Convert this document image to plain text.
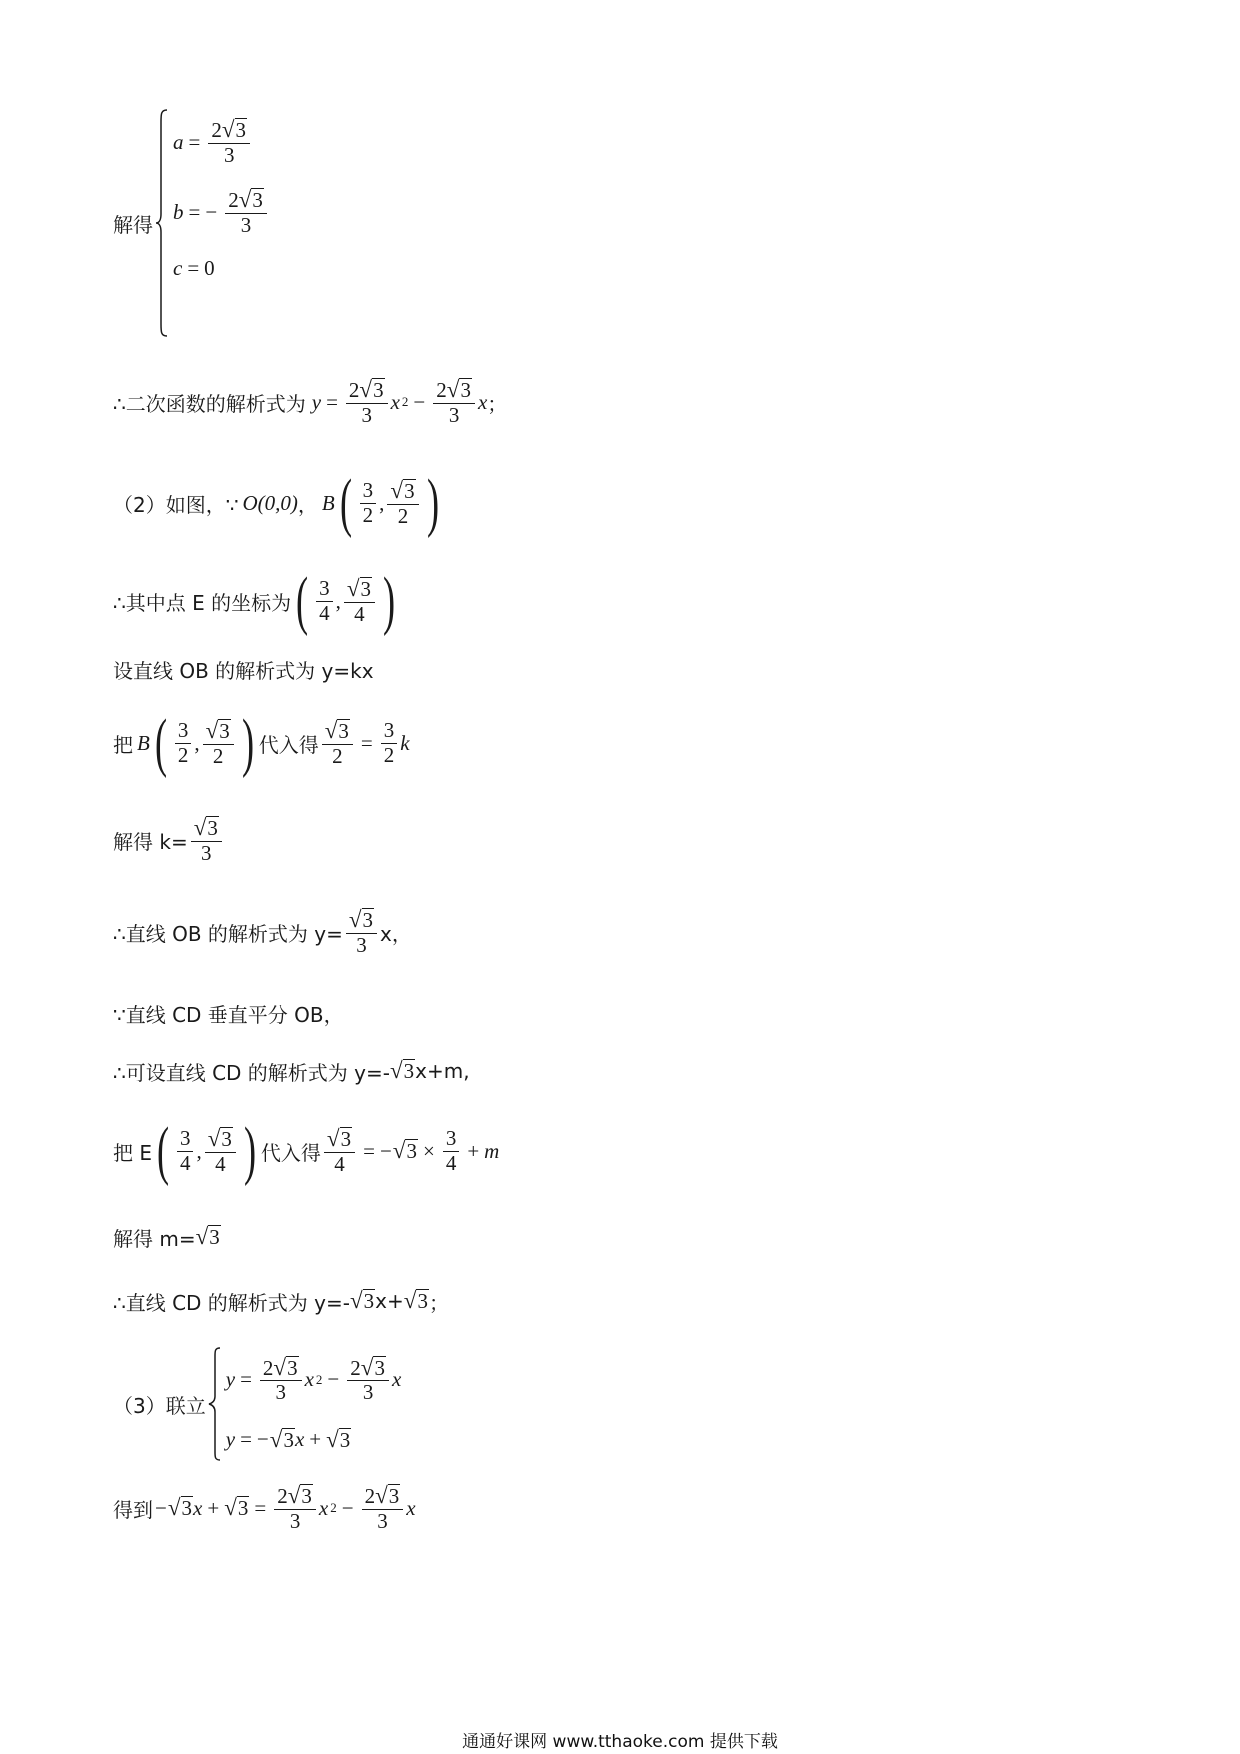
解得
$a = \frac{2 √ 3}{3}$
b = − $\frac{2 √ 3}{3}$
c = 0
∴二次函数的解析式为 $y = \frac{2 √ 3}{3}$ x $2 - \frac{2 √ 3}{3}$ x ；
（2）如图，∵ O(0,0) ， B ( $\frac{3}{2}$ , $\frac{√ 3}{2}$ )
∴其中点 E 的坐标为 ( $\frac{3}{4}$ , $\frac{√ 3}{4}$ )
设直线 OB 的解析式为 y=kx
把 B ( $\frac{3}{2}$ , $\frac{√ 3}{2}$ ) 代入得 $\frac{√ 3}{2} = \frac{3}{2}$ k
解得 $k= \frac{√ 3}{3}$
∴直线 OB 的解析式为 $y= \frac{√ 3}{3}$ x，
∵直线 CD 垂直平分 OB，
∴可设直线 CD 的解析式为 y=- √ 3 x+m,
把 E ( $\frac{3}{4}$ , $\frac{√ 3}{4}$ ) 代入得 $\frac{√ 3}{4}$ = − √ $3 \times \frac{3}{4} + m$
解得 m= √ 3
∴直线 CD 的解析式为 y=- √ 3 x+ √ 3 ；
（3）联立
$y = \frac{2 √ 3}{3}$ x $2 - \frac{2 √ 3}{3}$ x
y = − √ 3 x + √ 3
得到 − √ 3 x + √ $3 = \frac{2 √ 3}{3}$ x $2 - \frac{2 √ 3}{3}$ x
通通好课网 www.tthaoke.com 提供下载
